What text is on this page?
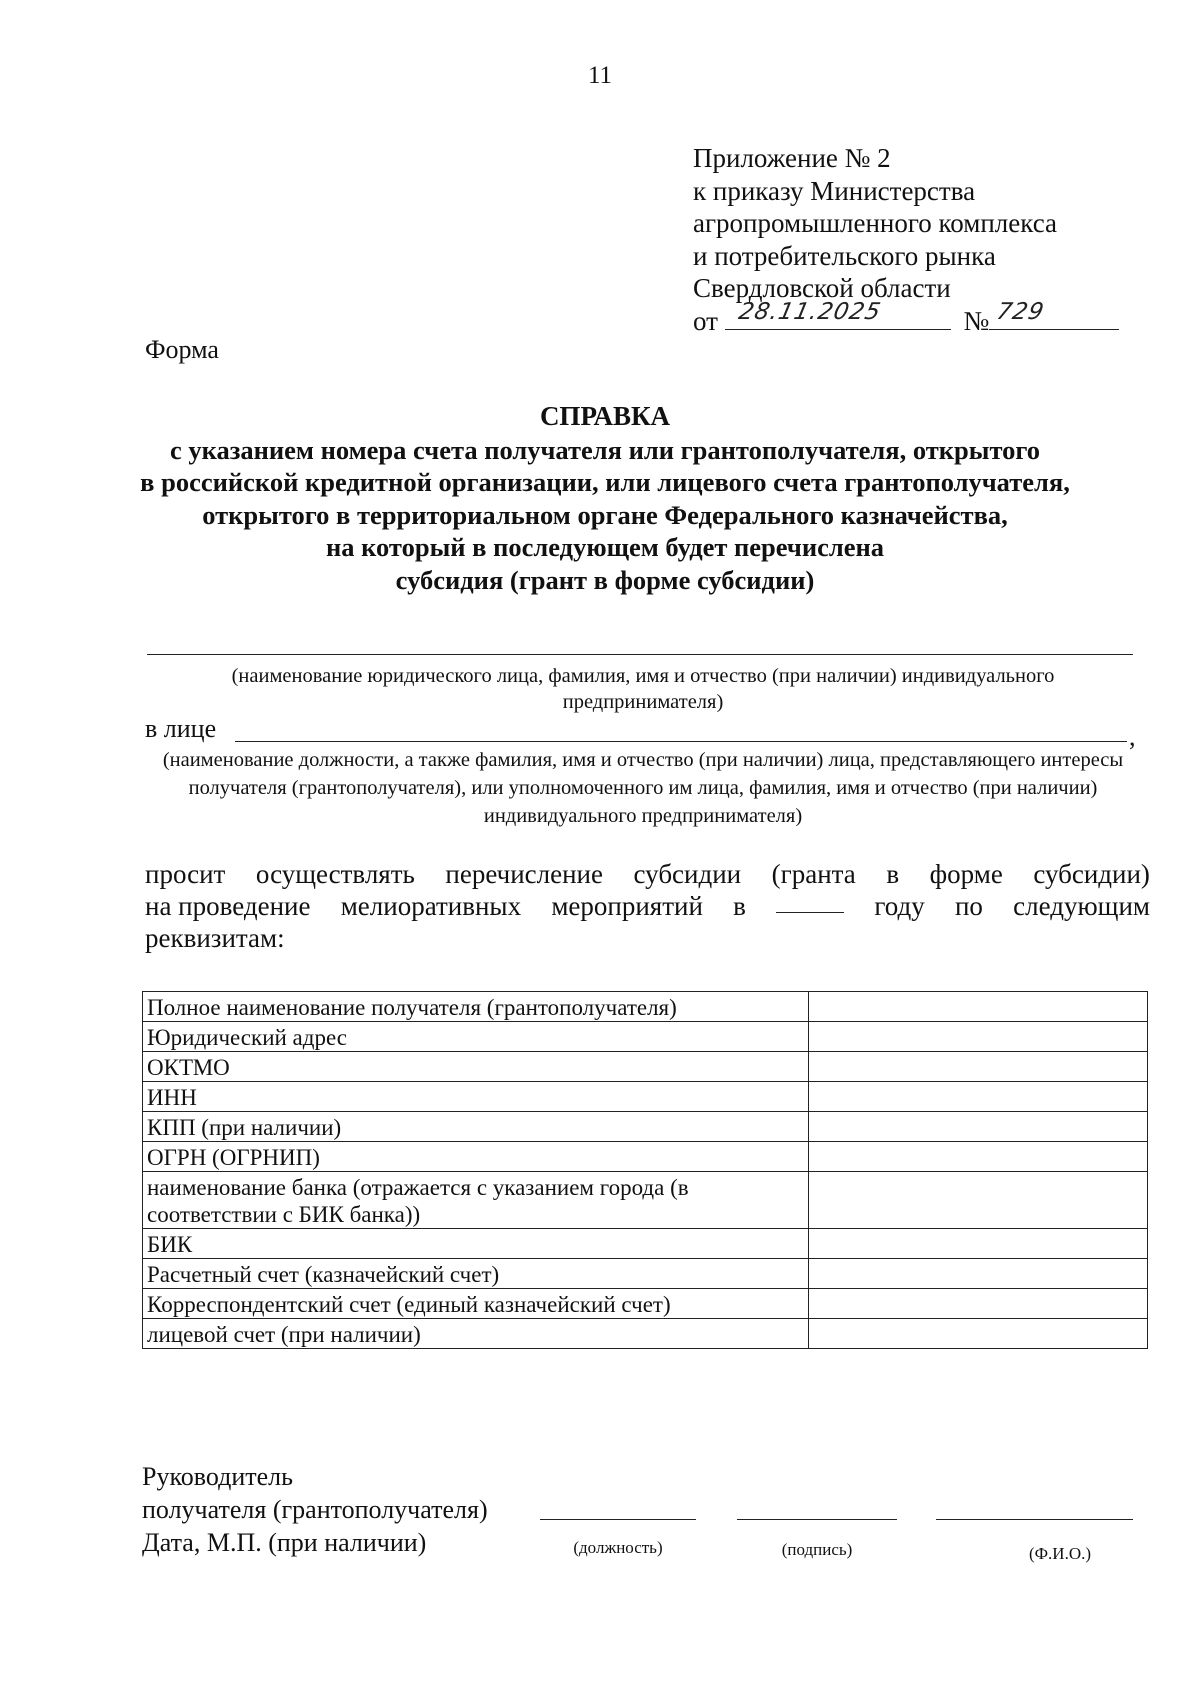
11
Приложение № 2
к приказу Министерства
агропромышленного комплекса
и потребительского рынка
Свердловской области
от 28.11.2025	№ 729
Форма
СПРАВКА
с указанием номера счета получателя или грантополучателя, открытого
в российской кредитной организации, или лицевого счета грантополучателя,
открытого в территориальном органе Федерального казначейства,
на который в последующем будет перечислена
субсидия (грант в форме субсидии)
(наименование юридического лица, фамилия, имя и отчество (при наличии) индивидуального предпринимателя)
в лице	,
(наименование должности, а также фамилия, имя и отчество (при наличии) лица, представляющего интересы получателя (грантополучателя), или уполномоченного им лица, фамилия, имя и отчество (при наличии) индивидуального предпринимателя)
просит осуществлять перечисление субсидии (гранта в форме субсидии)
на проведение мелиоративных мероприятий в	году по следующим
реквизитам:
Полное наименование получателя (грантополучателя)	
Юридический адрес	
ОКТМО	
ИНН	
КПП (при наличии)	
ОГРН (ОГРНИП)	
наименование банка (отражается с указанием города (в соответствии с БИК банка))	
БИК	
Расчетный счет (казначейский счет)	
Корреспондентский счет (единый казначейский счет)	
лицевой счет (при наличии)	
Руководитель
получателя (грантополучателя)
Дата, М.П. (при наличии)	(должность)	(подпись)	(Ф.И.О.)
